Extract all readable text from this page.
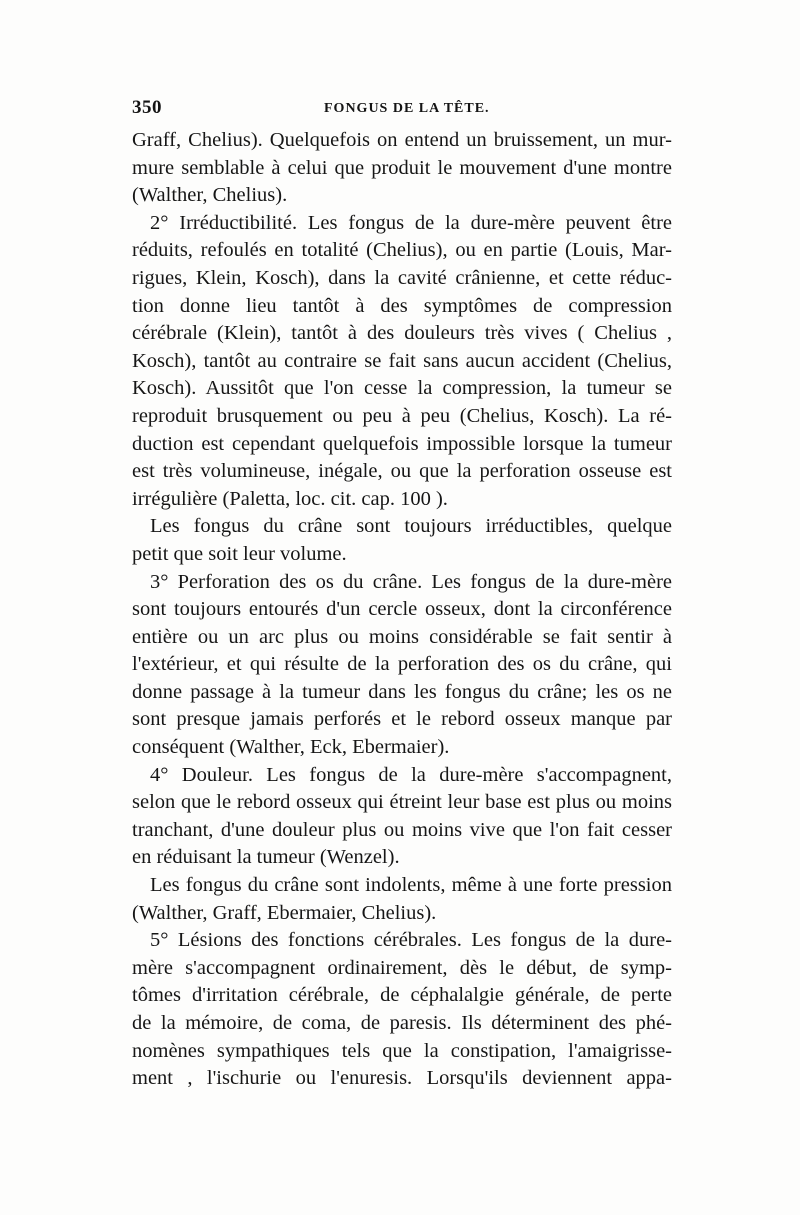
350	FONGUS DE LA TÊTE.
Graff, Chelius). Quelquefois on entend un bruissement, un mur-
mure semblable à celui que produit le mouvement d'une montre
(Walther, Chelius).
2° Irréductibilité. Les fongus de la dure-mère peuvent être
réduits, refoulés en totalité (Chelius), ou en partie (Louis, Mar-
rigues, Klein, Kosch), dans la cavité crânienne, et cette réduc-
tion donne lieu tantôt à des symptômes de compression
cérébrale (Klein), tantôt à des douleurs très vives ( Chelius ,
Kosch), tantôt au contraire se fait sans aucun accident (Chelius,
Kosch). Aussitôt que l'on cesse la compression, la tumeur se
reproduit brusquement ou peu à peu (Chelius, Kosch). La ré-
duction est cependant quelquefois impossible lorsque la tumeur
est très volumineuse, inégale, ou que la perforation osseuse est
irrégulière (Paletta, loc. cit. cap. 100 ).
Les fongus du crâne sont toujours irréductibles, quelque
petit que soit leur volume.
3° Perforation des os du crâne. Les fongus de la dure-mère
sont toujours entourés d'un cercle osseux, dont la circonférence
entière ou un arc plus ou moins considérable se fait sentir à
l'extérieur, et qui résulte de la perforation des os du crâne, qui
donne passage à la tumeur dans les fongus du crâne; les os ne
sont presque jamais perforés et le rebord osseux manque par
conséquent (Walther, Eck, Ebermaier).
4° Douleur. Les fongus de la dure-mère s'accompagnent,
selon que le rebord osseux qui étreint leur base est plus ou moins
tranchant, d'une douleur plus ou moins vive que l'on fait cesser
en réduisant la tumeur (Wenzel).
Les fongus du crâne sont indolents, même à une forte pression
(Walther, Graff, Ebermaier, Chelius).
5° Lésions des fonctions cérébrales. Les fongus de la dure-
mère s'accompagnent ordinairement, dès le début, de symp-
tômes d'irritation cérébrale, de céphalalgie générale, de perte
de la mémoire, de coma, de paresis. Ils déterminent des phé-
nomènes sympathiques tels que la constipation, l'amaigrisse-
ment , l'ischurie ou l'enuresis. Lorsqu'ils deviennent appa-
